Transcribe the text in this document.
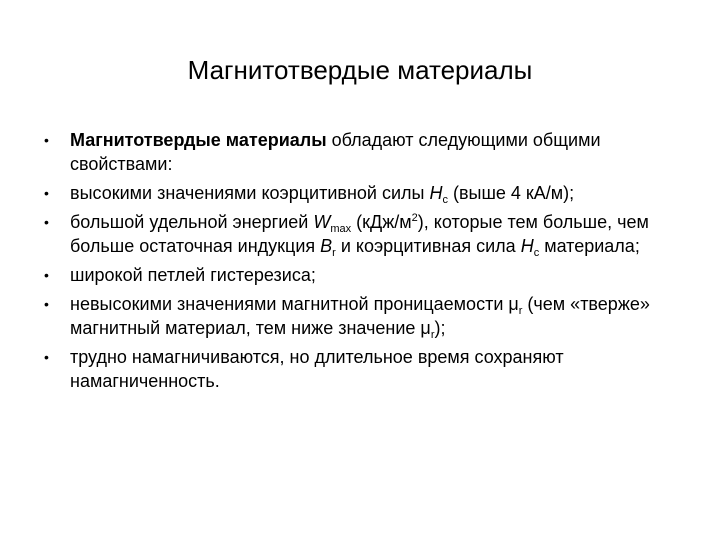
Магнитотвердые материалы
• Магнитотвердые материалы обладают следующими общими свойствами:
• высокими значениями коэрцитивной силы $H_c$ (выше 4 кА/м);
• большой удельной энергией $W_{max}$ $(кДж/м^2)$, которые тем больше, чем больше остаточная индукция $B_r$ и коэрцитивная сила $H_c$ материала;
• широкой петлей гистерезиса;
• невысокими значениями магнитной проницаемости $\mu_r$ (чем «тверже» магнитный материал, тем ниже значение $\mu_r$);
• трудно намагничиваются, но длительное время сохраняют намагниченность.
